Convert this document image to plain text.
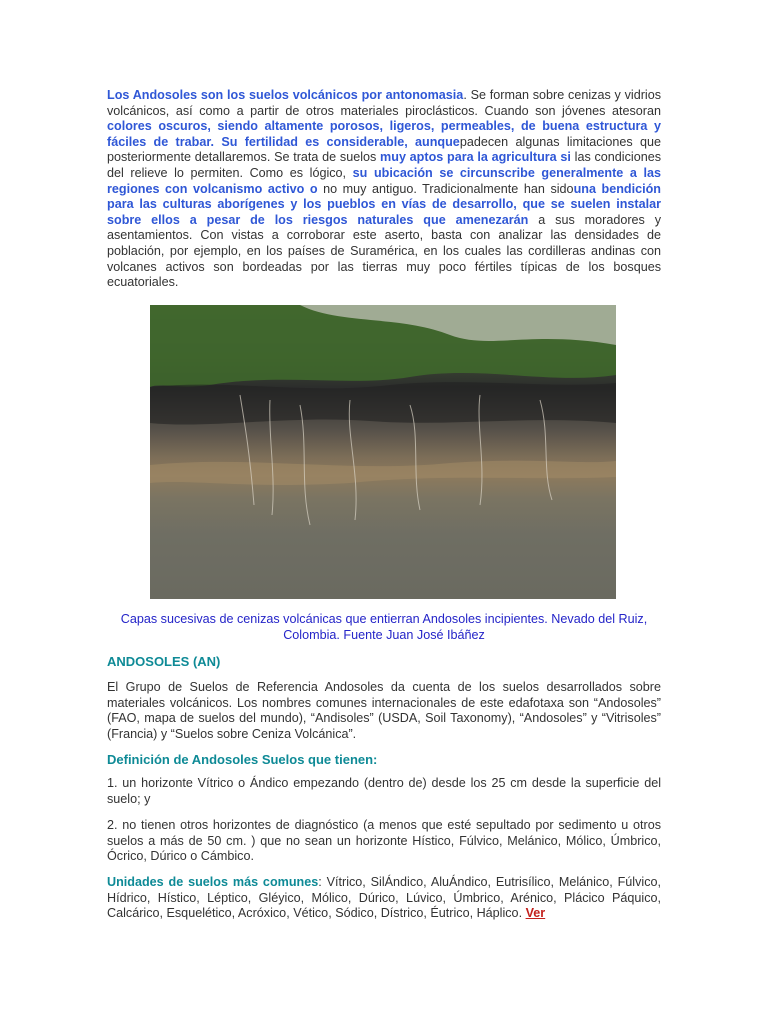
Los Andosoles son los suelos volcánicos por antonomasia. Se forman sobre cenizas y vidrios volcánicos, así como a partir de otros materiales piroclásticos. Cuando son jóvenes atesoran colores oscuros, siendo altamente porosos, ligeros, permeables, de buena estructura y fáciles de trabar. Su fertilidad es considerable, aunquepadecen algunas limitaciones que posteriormente detallaremos. Se trata de suelos muy aptos para la agricultura si las condiciones del relieve lo permiten. Como es lógico, su ubicación se circunscribe generalmente a las regiones con volcanismo activo o no muy antiguo. Tradicionalmente han sidouna bendición para las culturas aborígenes y los pueblos en vías de desarrollo, que se suelen instalar sobre ellos a pesar de los riesgos naturales que amenezarán a sus moradores y asentamientos. Con vistas a corroborar este aserto, basta con analizar las densidades de población, por ejemplo, en los países de Suramérica, en los cuales las cordilleras andinas con volcanes activos son bordeadas por las tierras muy poco fértiles típicas de los bosques ecuatoriales.

Capas sucesivas de cenizas volcánicas que entierran Andosoles incipientes. Nevado del Ruiz, Colombia. Fuente Juan José Ibáñez
ANDOSOLES (AN)

El Grupo de Suelos de Referencia Andosoles da cuenta de los suelos desarrollados sobre materiales volcánicos. Los nombres comunes internacionales de este edafotaxa son “Andosoles” (FAO, mapa de suelos del mundo), “Andisoles” (USDA, Soil Taxonomy), “Andosoles” y “Vitrisoles” (Francia) y “Suelos sobre Ceniza Volcánica”.

Definición de Andosoles Suelos que tienen:

1. un horizonte Vítrico o Ándico empezando (dentro de) desde los 25 cm desde la superficie del suelo; y

2. no tienen otros horizontes de diagnóstico (a menos que esté sepultado por sedimento u otros suelos a más de 50 cm. ) que no sean un horizonte Hístico, Fúlvico, Melánico, Mólico, Úmbrico, Ócrico, Dúrico o Cámbico.

Unidades de suelos más comunes: Vítrico, SilÁndico, AluÁndico, Eutrisílico, Melánico, Fúlvico, Hídrico, Hístico, Léptico, Gléyico, Mólico, Dúrico, Lúvico, Úmbrico, Arénico, Plácico Páquico, Calcárico, Esquelético, Acróxico, Vético, Sódico, Dístrico, Éutrico, Háplico. Ver
